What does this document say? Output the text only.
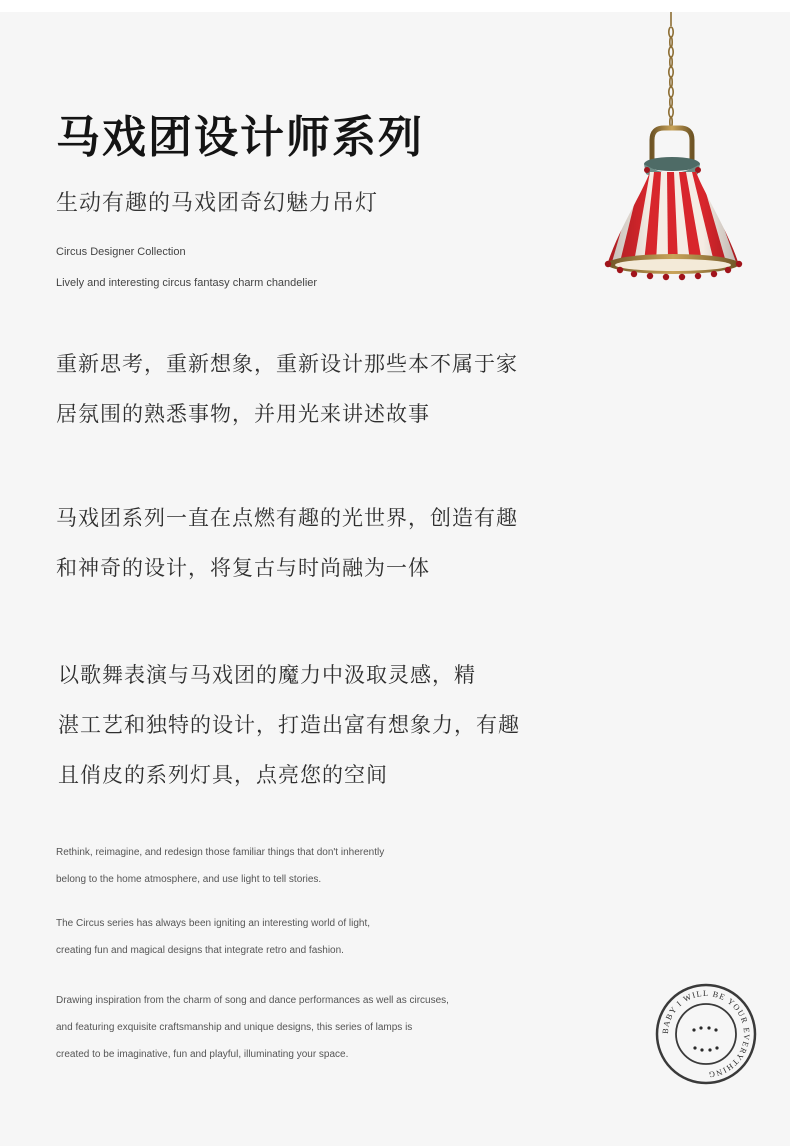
马戏团设计师系列
生动有趣的马戏团奇幻魅力吊灯
Circus Designer Collection
Lively and interesting circus fantasy charm chandelier
重新思考，重新想象，重新设计那些本不属于家
居氛围的熟悉事物，并用光来讲述故事
马戏团系列一直在点燃有趣的光世界，创造有趣
和神奇的设计，将复古与时尚融为一体
以歌舞表演与马戏团的魔力中汲取灵感，精
湛工艺和独特的设计，打造出富有想象力，有趣
且俏皮的系列灯具，点亮您的空间
Rethink, reimagine, and redesign those familiar things that don't inherently
belong to the home atmosphere, and use light to tell stories.
The Circus series has always been igniting an interesting world of light,
creating fun and magical designs that integrate retro and fashion.
Drawing inspiration from the charm of song and dance performances as well as circuses,
and featuring exquisite craftsmanship and unique designs, this series of lamps is
created to be imaginative, fun and playful, illuminating your space.
BABY I WILL BE YOUR EVERYTHING
